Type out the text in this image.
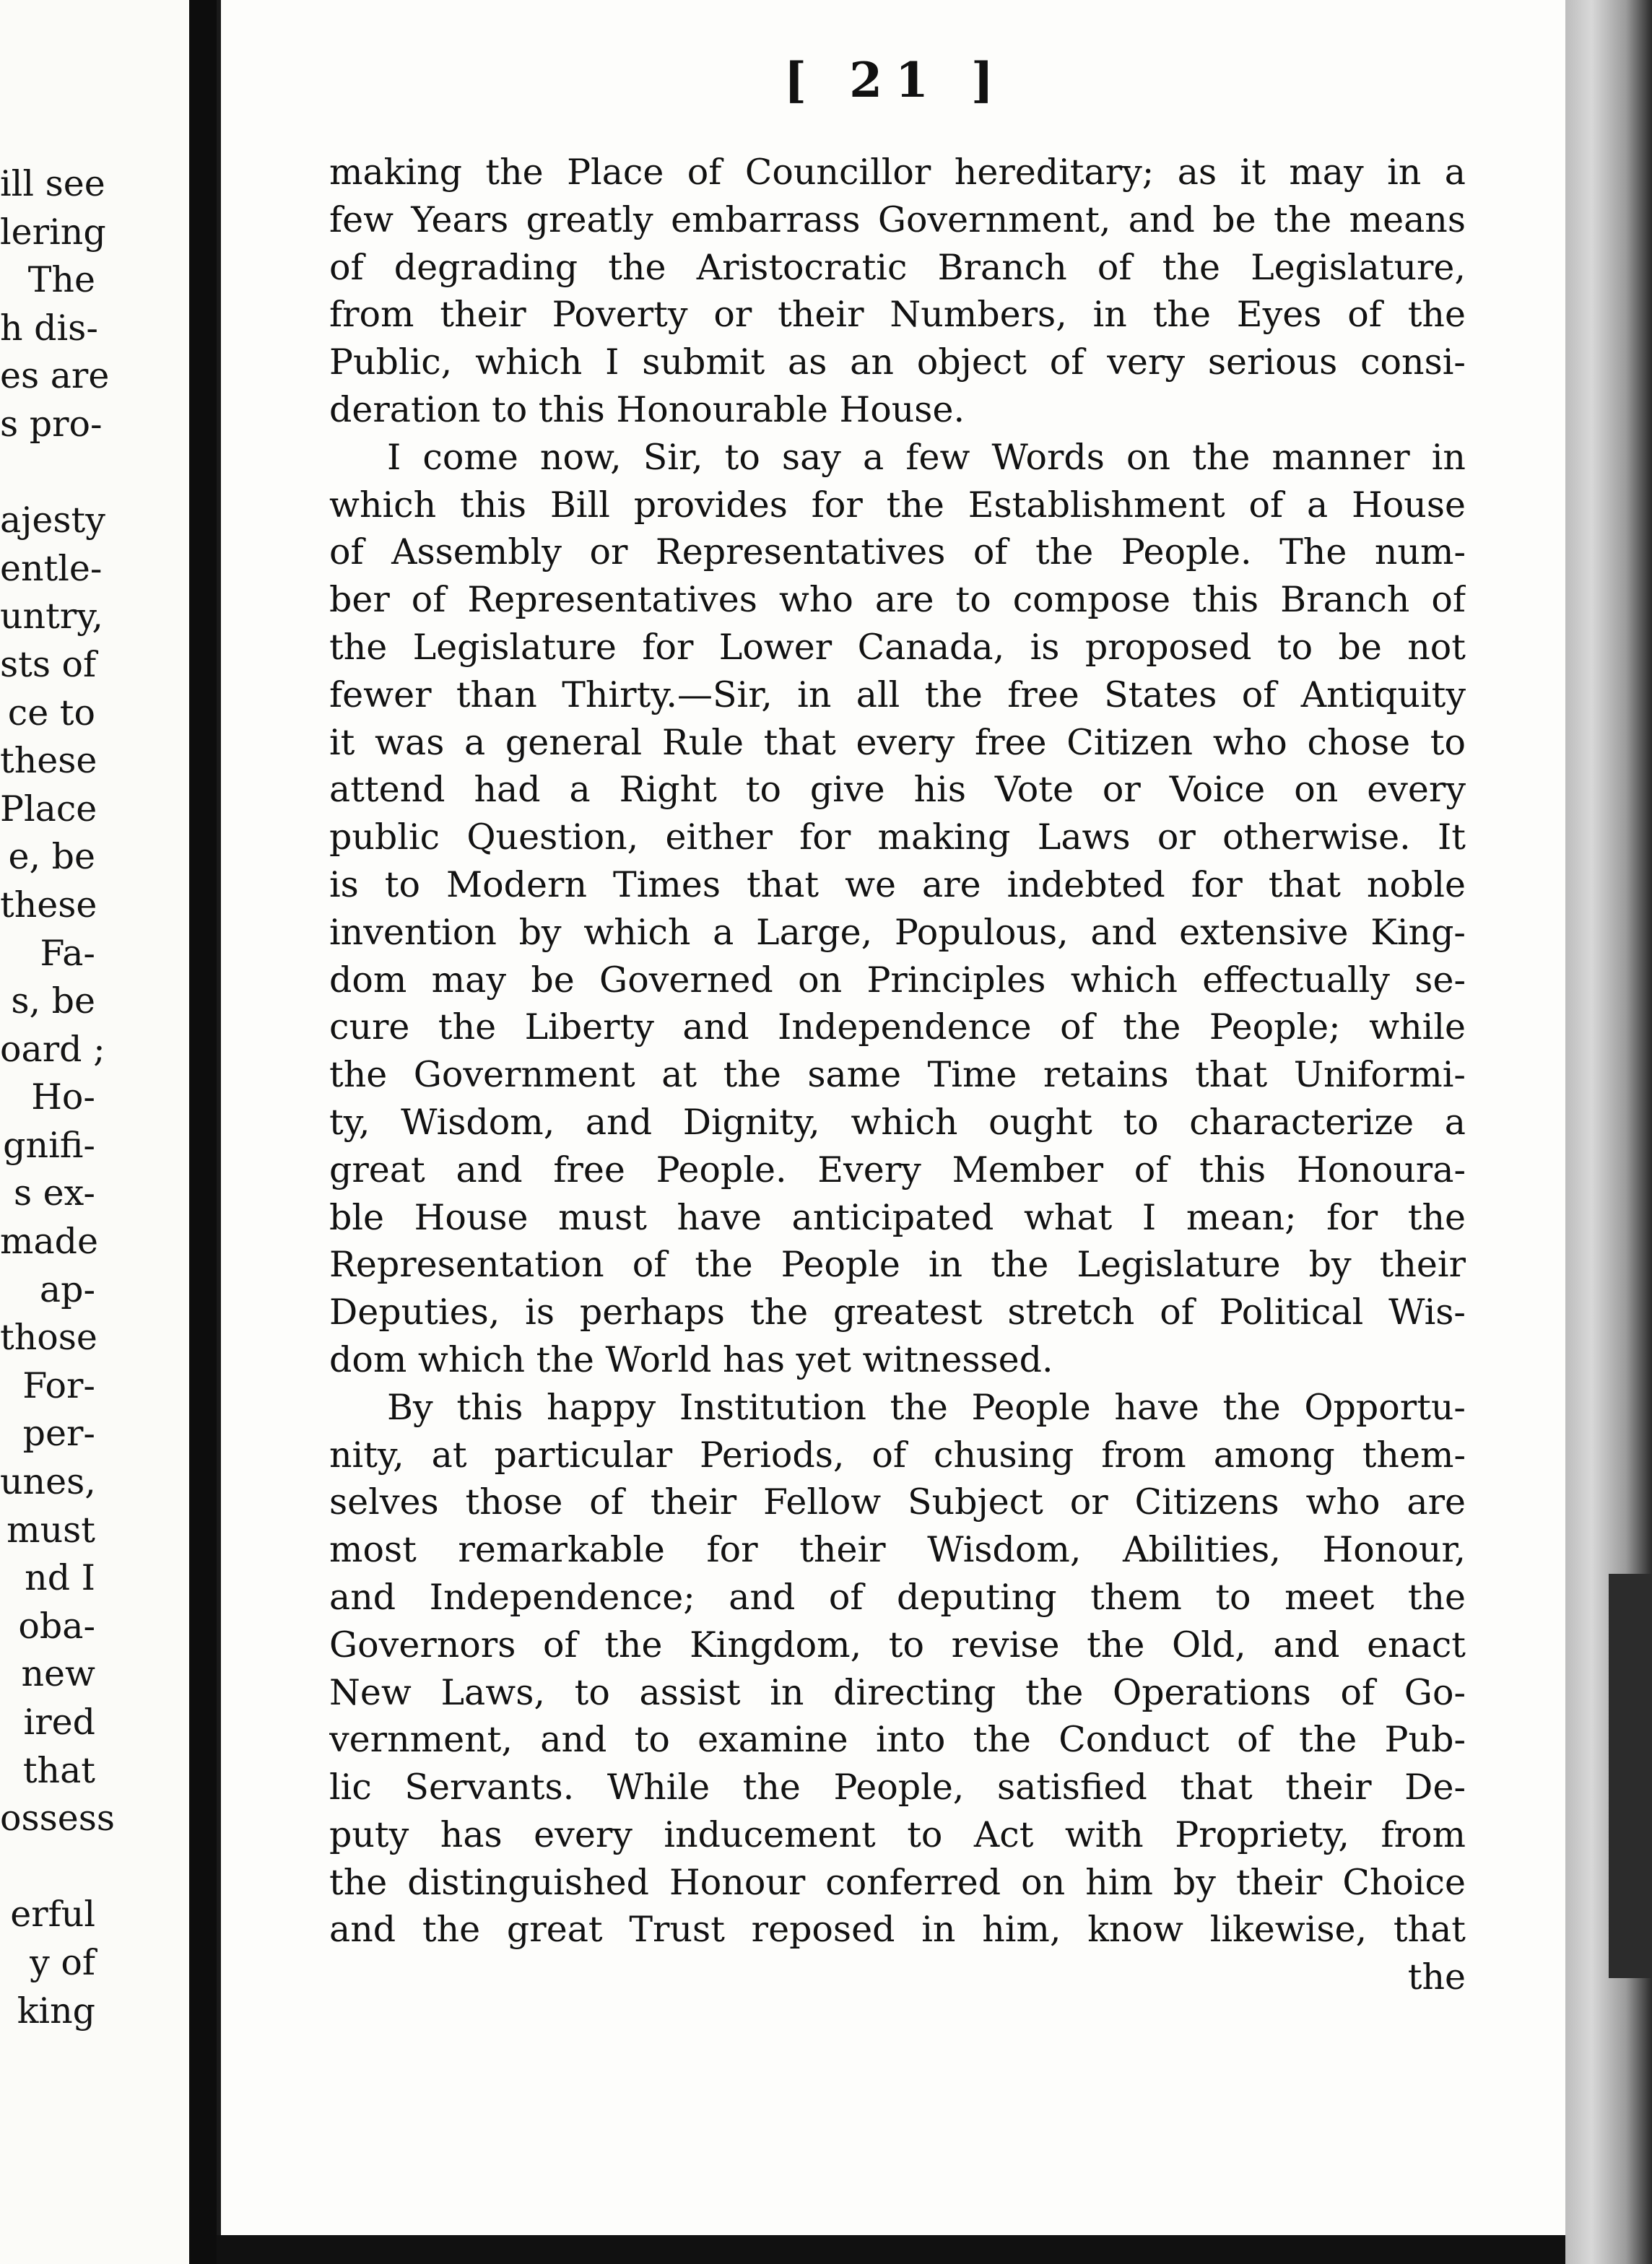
ill see
lering
The
h dis-
es are
s pro-
ajesty
entle-
untry,
sts of
ce to
these
Place
e, be
these
Fa-
s, be
oard ;
Ho-
gnifi-
s ex-
made
ap-
those
For-
per-
unes,
must
nd I
oba-
new
ired
that
ossess
erful
y of
king
[ 21 ]
making the Place of Councillor hereditary; as it may in a
few Years greatly embarrass Government, and be the means
of degrading the Aristocratic Branch of the Legislature,
from their Poverty or their Numbers, in the Eyes of the
Public, which I submit as an object of very serious consi-
deration to this Honourable House.
I come now, Sir, to say a few Words on the manner in
which this Bill provides for the Establishment of a House
of Assembly or Representatives of the People. The num-
ber of Representatives who are to compose this Branch of
the Legislature for Lower Canada, is proposed to be not
fewer than Thirty.—Sir, in all the free States of Antiquity
it was a general Rule that every free Citizen who chose to
attend had a Right to give his Vote or Voice on every
public Question, either for making Laws or otherwise. It
is to Modern Times that we are indebted for that noble
invention by which a Large, Populous, and extensive King-
dom may be Governed on Principles which effectually se-
cure the Liberty and Independence of the People; while
the Government at the same Time retains that Uniformi-
ty, Wisdom, and Dignity, which ought to characterize a
great and free People. Every Member of this Honoura-
ble House must have anticipated what I mean; for the
Representation of the People in the Legislature by their
Deputies, is perhaps the greatest stretch of Political Wis-
dom which the World has yet witnessed.
By this happy Institution the People have the Opportu-
nity, at particular Periods, of chusing from among them-
selves those of their Fellow Subject or Citizens who are
most remarkable for their Wisdom, Abilities, Honour,
and Independence; and of deputing them to meet the
Governors of the Kingdom, to revise the Old, and enact
New Laws, to assist in directing the Operations of Go-
vernment, and to examine into the Conduct of the Pub-
lic Servants. While the People, satisfied that their De-
puty has every inducement to Act with Propriety, from
the distinguished Honour conferred on him by their Choice
and the great Trust reposed in him, know likewise, that
the
